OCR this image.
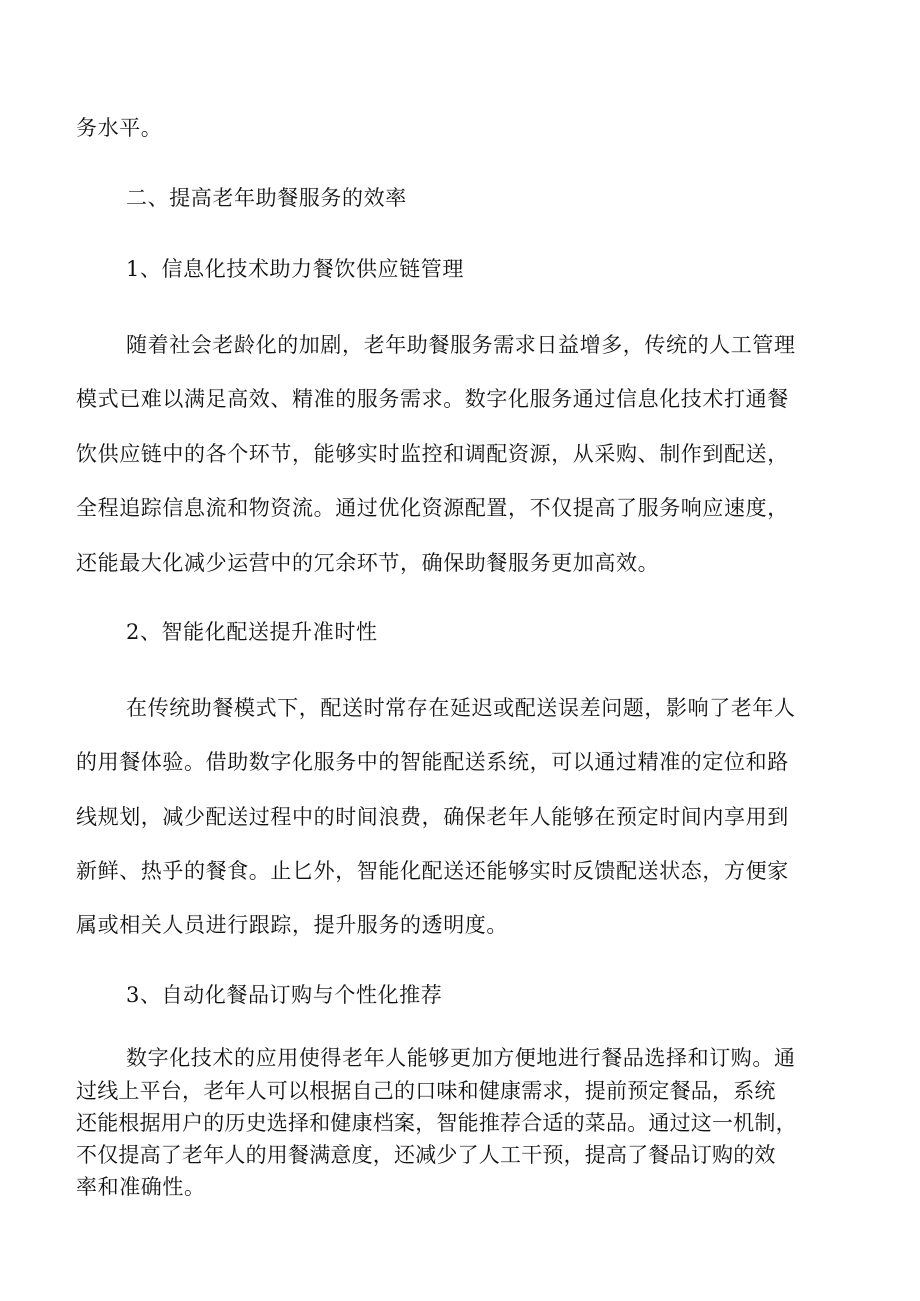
务水平。
二、提高老年助餐服务的效率
1、信息化技术助力餐饮供应链管理
随着社会老龄化的加剧，老年助餐服务需求日益增多，传统的人工管理
模式已难以满足高效、精准的服务需求。数字化服务通过信息化技术打通餐
饮供应链中的各个环节，能够实时监控和调配资源，从采购、制作到配送，
全程追踪信息流和物资流。通过优化资源配置，不仅提高了服务响应速度，
还能最大化减少运营中的冗余环节，确保助餐服务更加高效。
2、智能化配送提升准时性
在传统助餐模式下，配送时常存在延迟或配送误差问题，影响了老年人
的用餐体验。借助数字化服务中的智能配送系统，可以通过精准的定位和路
线规划，减少配送过程中的时间浪费，确保老年人能够在预定时间内享用到
新鲜、热乎的餐食。止匕外，智能化配送还能够实时反馈配送状态，方便家
属或相关人员进行跟踪，提升服务的透明度。
3、自动化餐品订购与个性化推荐
数字化技术的应用使得老年人能够更加方便地进行餐品选择和订购。通
过线上平台，老年人可以根据自己的口味和健康需求，提前预定餐品，系统
还能根据用户的历史选择和健康档案，智能推荐合适的菜品。通过这一机制，
不仅提高了老年人的用餐满意度，还减少了人工干预，提高了餐品订购的效
率和准确性。
